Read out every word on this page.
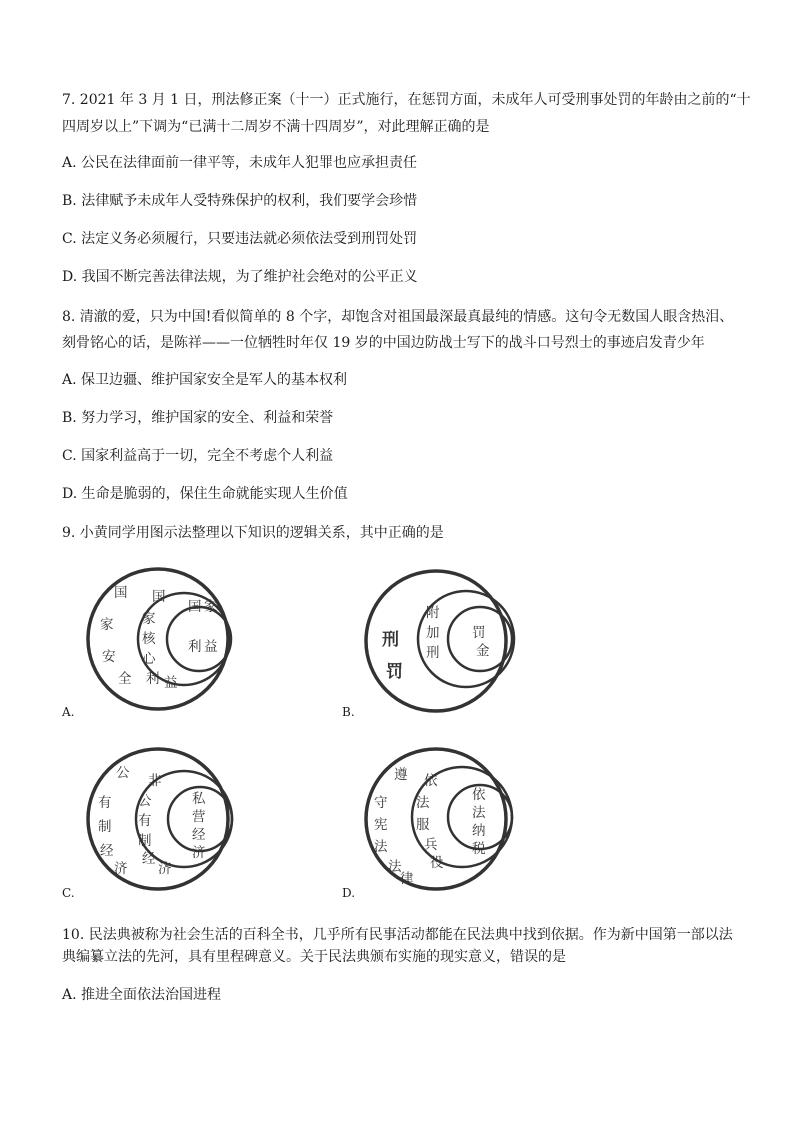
7. 2021 年 3 月 1 日，刑法修正案（十一）正式施行，在惩罚方面，未成年人可受刑事处罚的年龄由之前的“十
四周岁以上”下调为“已满十二周岁不满十四周岁”，对此理解正确的是
A. 公民在法律面前一律平等，未成年人犯罪也应承担责任
B. 法律赋予未成年人受特殊保护的权利，我们要学会珍惜
C. 法定义务必须履行，只要违法就必须依法受到刑罚处罚
D. 我国不断完善法律法规，为了维护社会绝对的公平正义
8. 清澈的爱，只为中国!看似简单的 8 个字，却饱含对祖国最深最真最纯的情感。这句令无数国人眼含热泪、
刻骨铭心的话，是陈祥——一位牺牲时年仅 19 岁的中国边防战士写下的战斗口号烈士的事迹启发青少年
A. 保卫边疆、维护国家安全是军人的基本权利
B. 努力学习，维护国家的安全、利益和荣誉
C. 国家利益高于一切，完全不考虑个人利益
D. 生命是脆弱的，保住生命就能实现人生价值
9. 小黄同学用图示法整理以下知识的逻辑关系，其中正确的是
国
家
安
全
国
家
核
心
利 益
国 家
利 益
A.
刑
罚
附
加
刑
罚
金
B.
公
有
制
经
济
非
公
有
制
经
济
私
营
经
济
C.
遵
守
宪
法
法
律
依
法
服
兵
役
依
法
纳
税
D.
10. 民法典被称为社会生活的百科全书，几乎所有民事活动都能在民法典中找到依据。作为新中国第一部以法
典编纂立法的先河，具有里程碑意义。关于民法典颁布实施的现实意义，错误的是
A. 推进全面依法治国进程
